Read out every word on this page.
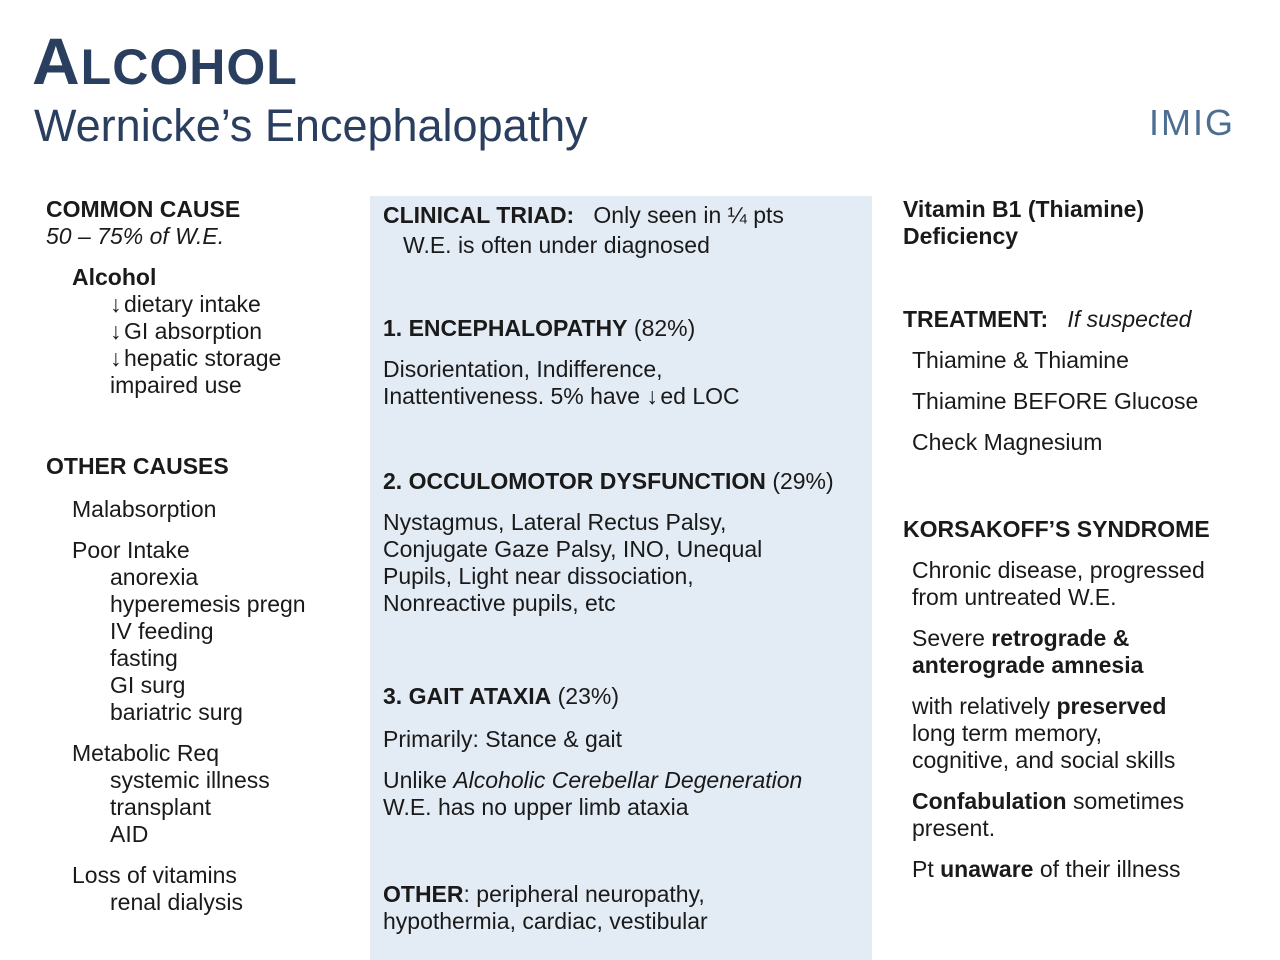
ALCOHOL
Wernicke’s Encephalopathy	IMIG

COMMON CAUSE

50 – 75% of W.E.

Alcohol

↓ dietary intake

↓ GI absorption

↓ hepatic storage

impaired use

OTHER CAUSES

Malabsorption

Poor Intake

anorexia

hyperemesis pregn

IV feeding

fasting

GI surg

bariatric surg

Metabolic Req

systemic illness

transplant

AID

Loss of vitamins

renal dialysis

CLINICAL TRIAD: Only seen in ¼ pts

W.E. is often under diagnosed

1. ENCEPHALOPATHY (82%)

Disorientation, Indifference,

Inattentiveness. 5% have ↓ ed LOC

2. OCCULOMOTOR DYSFUNCTION (29%)

Nystagmus, Lateral Rectus Palsy,

Conjugate Gaze Palsy, INO, Unequal

Pupils, Light near dissociation,

Nonreactive pupils, etc

3. GAIT ATAXIA (23%)

Primarily: Stance & gait

Unlike Alcoholic Cerebellar Degeneration

W.E. has no upper limb ataxia

OTHER: peripheral neuropathy,

hypothermia, cardiac, vestibular

Vitamin B1 (Thiamine)

Deficiency

TREATMENT: If suspected

Thiamine & Thiamine

Thiamine BEFORE Glucose

Check Magnesium

KORSAKOFF’S SYNDROME

Chronic disease, progressed

from untreated W.E.

Severe retrograde &

anterograde amnesia

with relatively preserved

long term memory,

cognitive, and social skills

Confabulation sometimes

present.

Pt unaware of their illness
